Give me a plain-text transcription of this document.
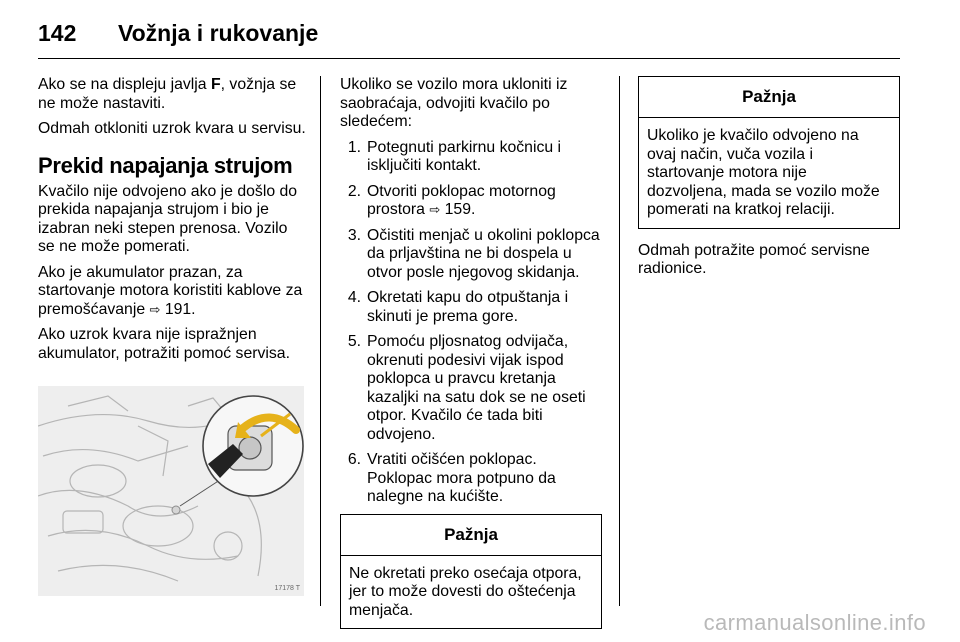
142 Vožnja i rukovanje

Ako se na displeju javlja F, vožnja se ne može nastaviti.

Odmah otkloniti uzrok kvara u servisu.

Prekid napajanja strujom

Kvačilo nije odvojeno ako je došlo do prekida napajanja strujom i bio je izabran neki stepen prenosa. Vozilo se ne može pomerati.

Ako je akumulator prazan, za startovanje motora koristiti kablove za premošćavanje ⇨ 191.

Ako uzrok kvara nije ispražnjen akumulator, potražiti pomoć servisa.

17178 T

Ukoliko se vozilo mora ukloniti iz saobraćaja, odvojiti kvačilo po sledećem:

1. Potegnuti parkirnu kočnicu i isključiti kontakt.
2. Otvoriti poklopac motornog prostora ⇨ 159.
3. Očistiti menjač u okolini poklopca da prljavština ne bi dospela u otvor posle njegovog skidanja.
4. Okretati kapu do otpuštanja i skinuti je prema gore.
5. Pomoću pljosnatog odvijača, okrenuti podesivi vijak ispod poklopca u pravcu kretanja kazaljki na satu dok se ne oseti otpor. Kvačilo će tada biti odvojeno.
6. Vratiti očišćen poklopac. Poklopac mora potpuno da nalegne na kućište.
Pažnja
Ne okretati preko osećaja otpora, jer to može dovesti do oštećenja menjača.
Pažnja
Ukoliko je kvačilo odvojeno na ovaj način, vuča vozila i startovanje motora nije dozvoljena, mada se vozilo može pomerati na kratkoj relaciji.

Odmah potražite pomoć servisne radionice.

carmanualsonline.info
